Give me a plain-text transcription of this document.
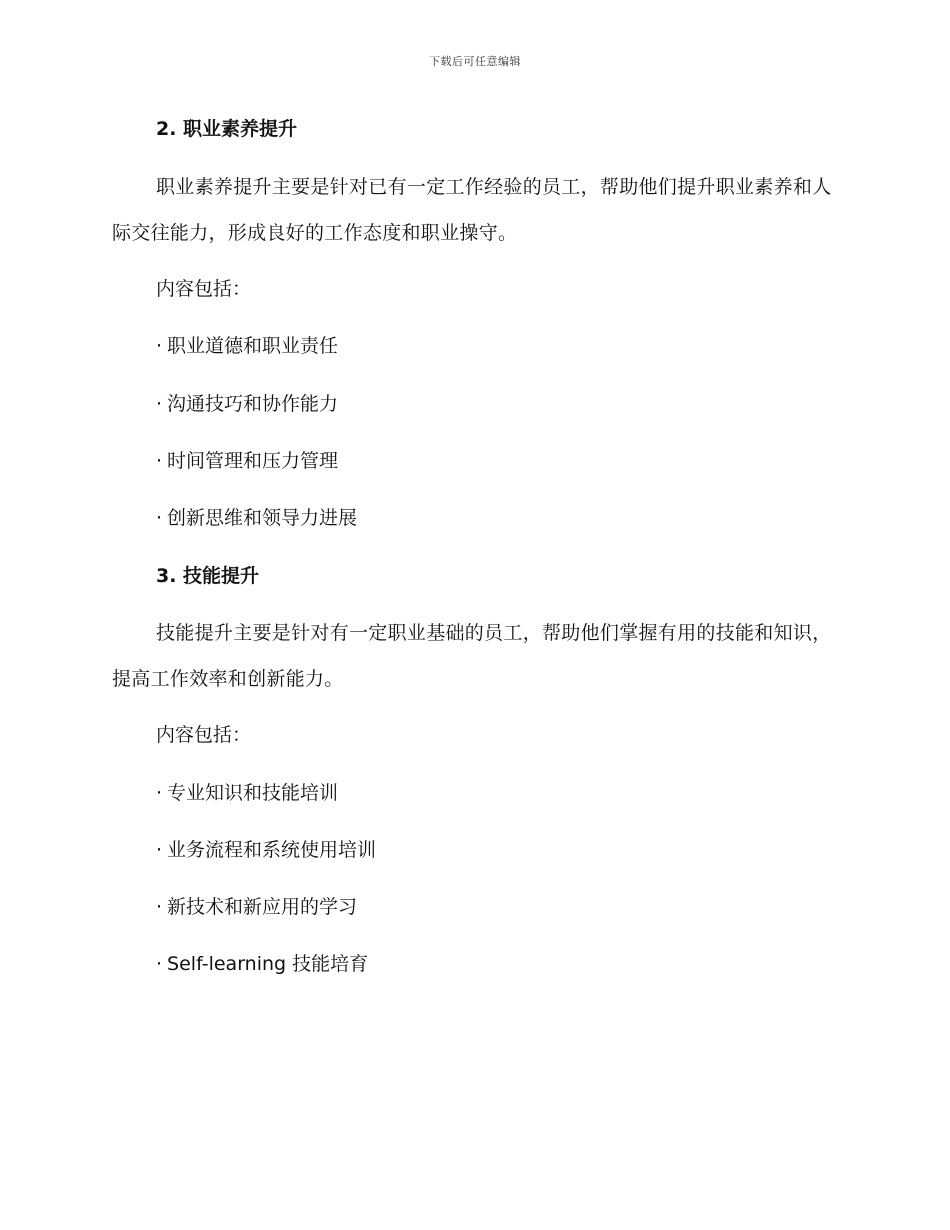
下载后可任意编辑
2. 职业素养提升
职业素养提升主要是针对已有一定工作经验的员工，帮助他们提升职业素养和人际交往能力，形成良好的工作态度和职业操守。
内容包括：
· 职业道德和职业责任
· 沟通技巧和协作能力
· 时间管理和压力管理
· 创新思维和领导力进展
3. 技能提升
技能提升主要是针对有一定职业基础的员工，帮助他们掌握有用的技能和知识，提高工作效率和创新能力。
内容包括：
· 专业知识和技能培训
· 业务流程和系统使用培训
· 新技术和新应用的学习
· Self-learning 技能培育
